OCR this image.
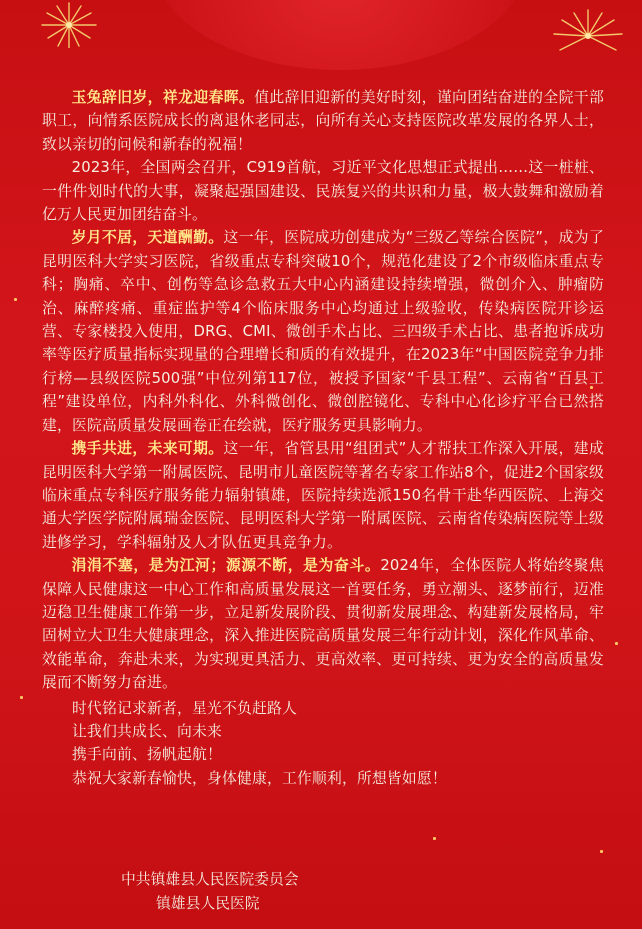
玉兔辞旧岁，祥龙迎春晖。值此辞旧迎新的美好时刻，谨向团结奋进的全院干部职工，向情系医院成长的离退休老同志，向所有关心支持医院改革发展的各界人士，致以亲切的问候和新春的祝福！

2023年，全国两会召开，C919首航，习近平文化思想正式提出……这一桩桩、一件件划时代的大事，凝聚起强国建设、民族复兴的共识和力量，极大鼓舞和激励着亿万人民更加团结奋斗。

岁月不居，天道酬勤。这一年，医院成功创建成为“三级乙等综合医院”，成为了昆明医科大学实习医院，省级重点专科突破10个，规范化建设了2个市级临床重点专科；胸痛、卒中、创伤等急诊急救五大中心内涵建设持续增强，微创介入、肿瘤防治、麻醉疼痛、重症监护等4个临床服务中心均通过上级验收，传染病医院开诊运营、专家楼投入使用，DRG、CMI、微创手术占比、三四级手术占比、患者抱诉成功率等医疗质量指标实现量的合理增长和质的有效提升，在2023年“中国医院竞争力排行榜—县级医院500强”中位列第117位，被授予国家“千县工程”、云南省“百县工程”建设单位，内科外科化、外科微创化、微创腔镜化、专科中心化诊疗平台已然搭建，医院高质量发展画卷正在绘就，医疗服务更具影响力。

携手共进，未来可期。这一年，省管县用“组团式”人才帮扶工作深入开展，建成昆明医科大学第一附属医院、昆明市儿童医院等著名专家工作站8个，促进2个国家级临床重点专科医疗服务能力辐射镇雄，医院持续选派150名骨干赴华西医院、上海交通大学医学院附属瑞金医院、昆明医科大学第一附属医院、云南省传染病医院等上级进修学习，学科辐射及人才队伍更具竞争力。

涓涓不塞，是为江河；源源不断，是为奋斗。2024年，全体医院人将始终聚焦保障人民健康这一中心工作和高质量发展这一首要任务，勇立潮头、逐梦前行，迈准迈稳卫生健康工作第一步，立足新发展阶段、贯彻新发展理念、构建新发展格局，牢固树立大卫生大健康理念，深入推进医院高质量发展三年行动计划，深化作风革命、效能革命，奔赴未来，为实现更具活力、更高效率、更可持续、更为安全的高质量发展而不断努力奋进。

时代铭记求新者，星光不负赶路人
让我们共成长、向未来
携手向前、扬帆起航！
恭祝大家新春愉快，身体健康，工作顺利，所想皆如愿！
中共镇雄县人民医院委员会
镇雄县人民医院
